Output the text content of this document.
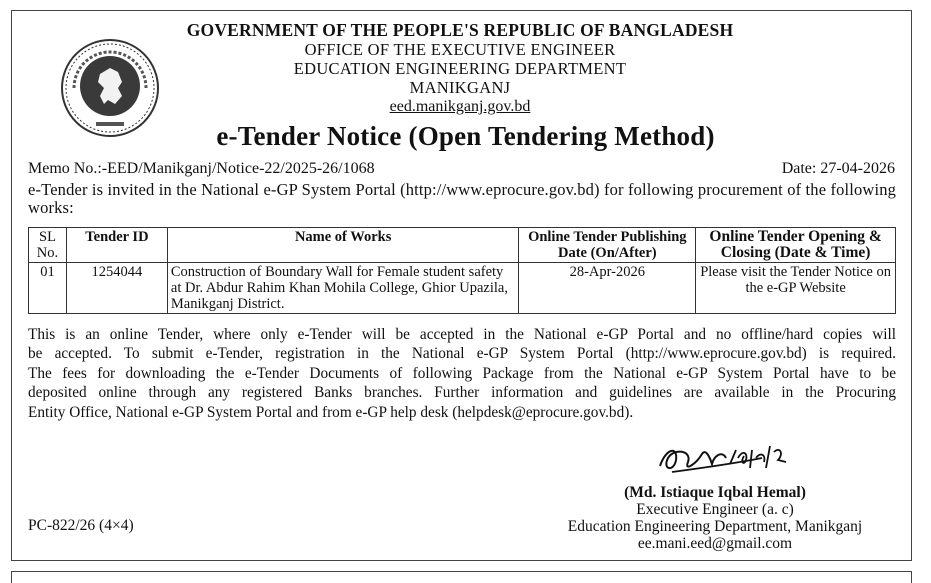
GOVERNMENT OF THE PEOPLE'S REPUBLIC OF BANGLADESH
OFFICE OF THE EXECUTIVE ENGINEER
EDUCATION ENGINEERING DEPARTMENT
MANIKGANJ
eed.manikganj.gov.bd
e-Tender Notice (Open Tendering Method)
Memo No.:-EED/Manikganj/Notice-22/2025-26/1068	Date: 27-04-2026
e-Tender is invited in the National e-GP System Portal (http://www.eprocure.gov.bd) for following procurement of the following works:
SL No.	Tender ID	Name of Works	Online Tender Publishing Date (On/After)	Online Tender Opening & Closing (Date & Time)
01	1254044	Construction of Boundary Wall for Female student safety at Dr. Abdur Rahim Khan Mohila College, Ghior Upazila, Manikganj District.	28-Apr-2026	Please visit the Tender Notice on the e-GP Website
This is an online Tender, where only e-Tender will be accepted in the National e-GP Portal and no offline/hard copies will
be accepted. To submit e-Tender, registration in the National e-GP System Portal (http://www.eprocure.gov.bd) is required.
The fees for downloading the e-Tender Documents of following Package from the National e-GP System Portal have to be
deposited online through any registered Banks branches. Further information and guidelines are available in the Procuring
Entity Office, National e-GP System Portal and from e-GP help desk (helpdesk@eprocure.gov.bd).
(Md. Istiaque Iqbal Hemal)
Executive Engineer (a. c)
Education Engineering Department, Manikganj
ee.mani.eed@gmail.com
PC-822/26 (4×4)
